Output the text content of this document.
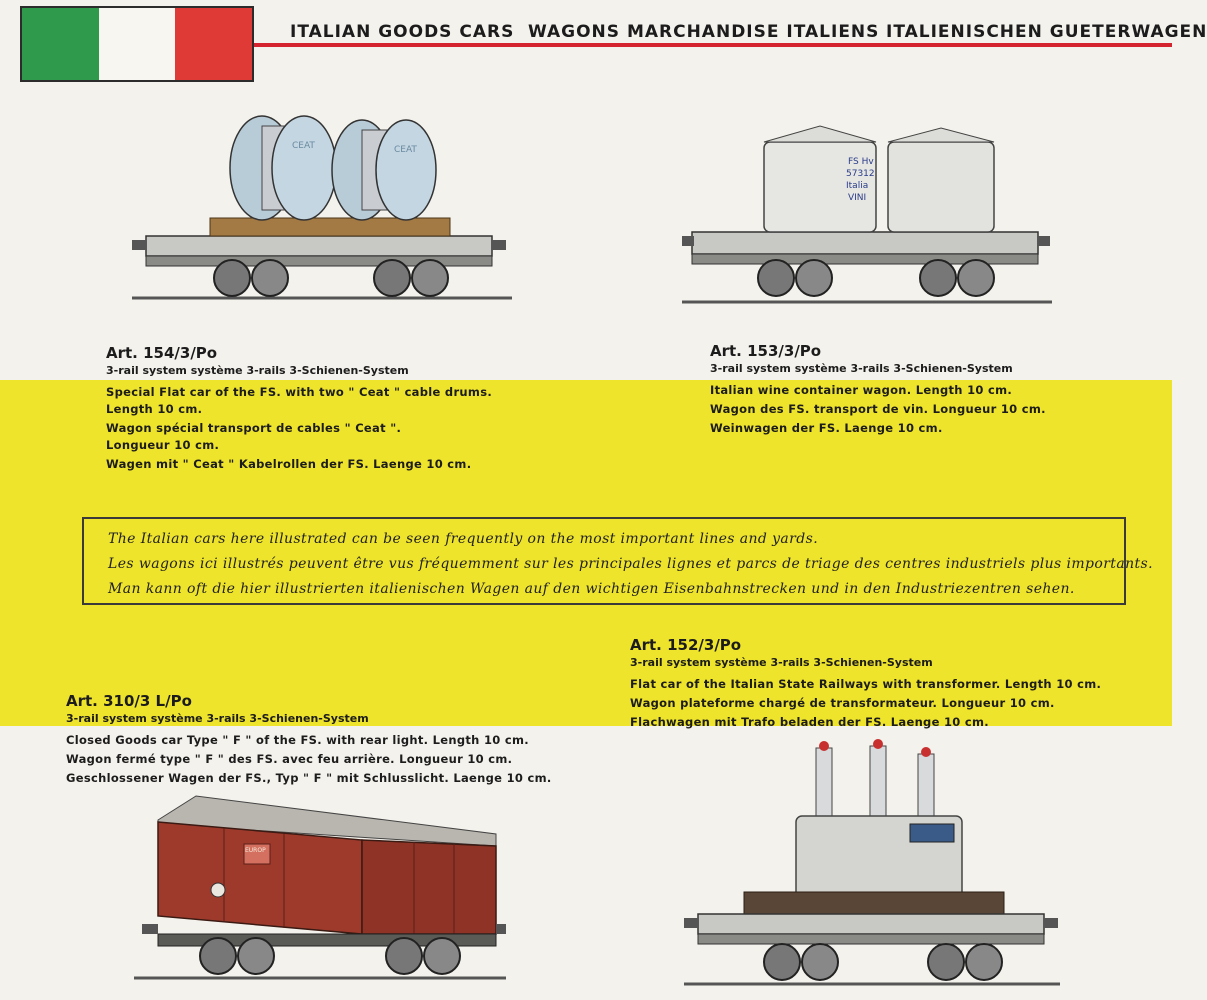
ITALIAN GOODS CARS WAGONS MARCHANDISE ITALIENS ITALIENISCHEN GUETERWAGEN
CEAT	CEAT
FS Hv
57312
Italia
VINI
Art. 154/3/Po
3-rail system système 3-rails 3-Schienen-System

Special Flat car of the FS. with two " Ceat " cable drums.

Length 10 cm.

Wagon spécial transport de cables " Ceat ".

Longueur 10 cm.

Wagen mit " Ceat " Kabelrollen der FS. Laenge 10 cm.

Art. 153/3/Po
3-rail system système 3-rails 3-Schienen-System

Italian wine container wagon. Length 10 cm.

Wagon des FS. transport de vin. Longueur 10 cm.

Weinwagen der FS. Laenge 10 cm.

The Italian cars here illustrated can be seen frequently on the most important lines and yards.
Les wagons ici illustrés peuvent être vus fréquemment sur les principales lignes et parcs de triage des centres industriels plus importants.
Man kann oft die hier illustrierten italienischen Wagen auf den wichtigen Eisenbahnstrecken und in den Industriezentren sehen.
Art. 152/3/Po
3-rail system système 3-rails 3-Schienen-System

Flat car of the Italian State Railways with transformer. Length 10 cm.

Wagon plateforme chargé de transformateur. Longueur 10 cm.

Flachwagen mit Trafo beladen der FS. Laenge 10 cm.

Art. 310/3 L/Po
3-rail system système 3-rails 3-Schienen-System

Closed Goods car Type " F " of the FS. with rear light. Length 10 cm.

Wagon fermé type " F " des FS. avec feu arrière. Longueur 10 cm.

Geschlossener Wagen der FS., Typ " F " mit Schlusslicht. Laenge 10 cm.

EUROP
